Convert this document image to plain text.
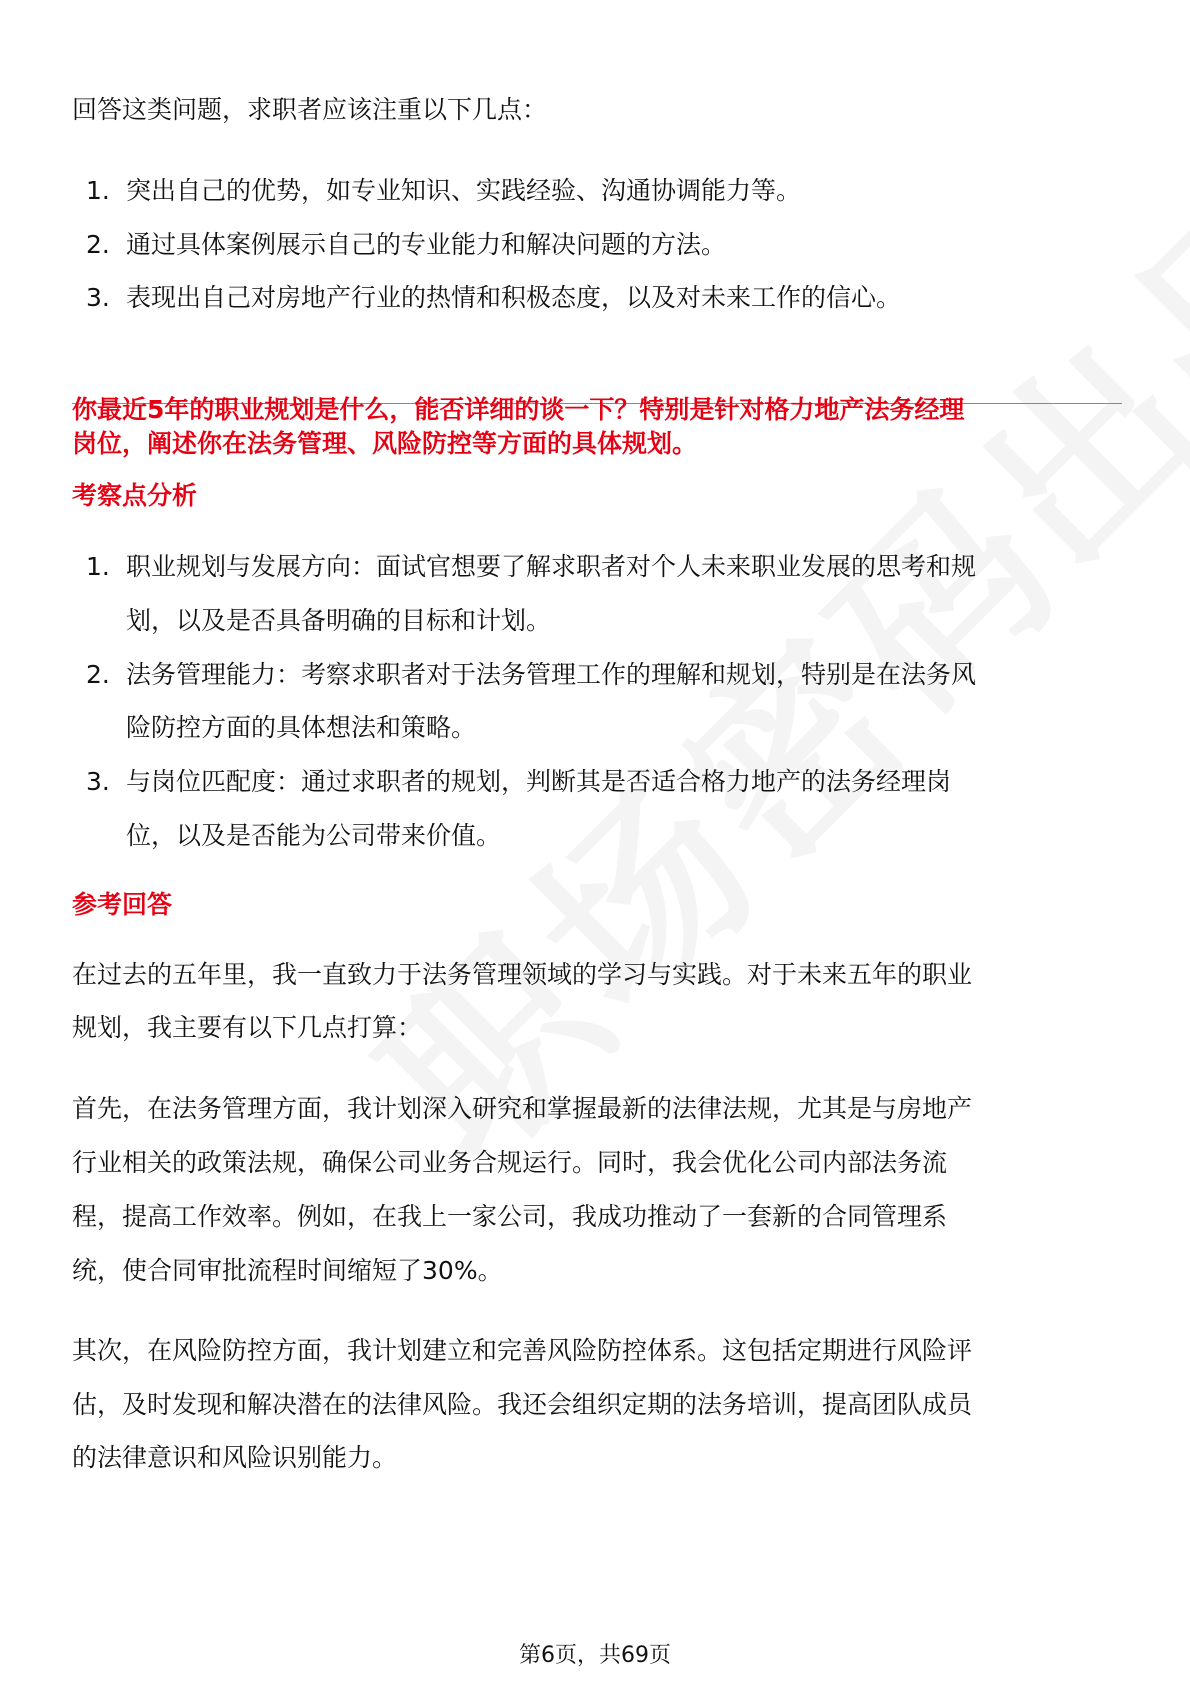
回答这类问题，求职者应该注重以下几点：
1. 突出自己的优势，如专业知识、实践经验、沟通协调能力等。
2. 通过具体案例展示自己的专业能力和解决问题的方法。
3. 表现出自己对房地产行业的热情和积极态度，以及对未来工作的信心。
你最近5年的职业规划是什么，能否详细的谈一下？特别是针对格力地产法务经理
岗位，阐述你在法务管理、风险防控等方面的具体规划。
考察点分析
1. 职业规划与发展方向：面试官想要了解求职者对个人未来职业发展的思考和规
划，以及是否具备明确的目标和计划。
2. 法务管理能力：考察求职者对于法务管理工作的理解和规划，特别是在法务风
险防控方面的具体想法和策略。
3. 与岗位匹配度：通过求职者的规划，判断其是否适合格力地产的法务经理岗
位，以及是否能为公司带来价值。
参考回答
在过去的五年里，我一直致力于法务管理领域的学习与实践。对于未来五年的职业
规划，我主要有以下几点打算：
首先，在法务管理方面，我计划深入研究和掌握最新的法律法规，尤其是与房地产
行业相关的政策法规，确保公司业务合规运行。同时，我会优化公司内部法务流
程，提高工作效率。例如，在我上一家公司，我成功推动了一套新的合同管理系
统，使合同审批流程时间缩短了30%。
其次，在风险防控方面，我计划建立和完善风险防控体系。这包括定期进行风险评
估，及时发现和解决潜在的法律风险。我还会组织定期的法务培训，提高团队成员
的法律意识和风险识别能力。
第6页，共69页
